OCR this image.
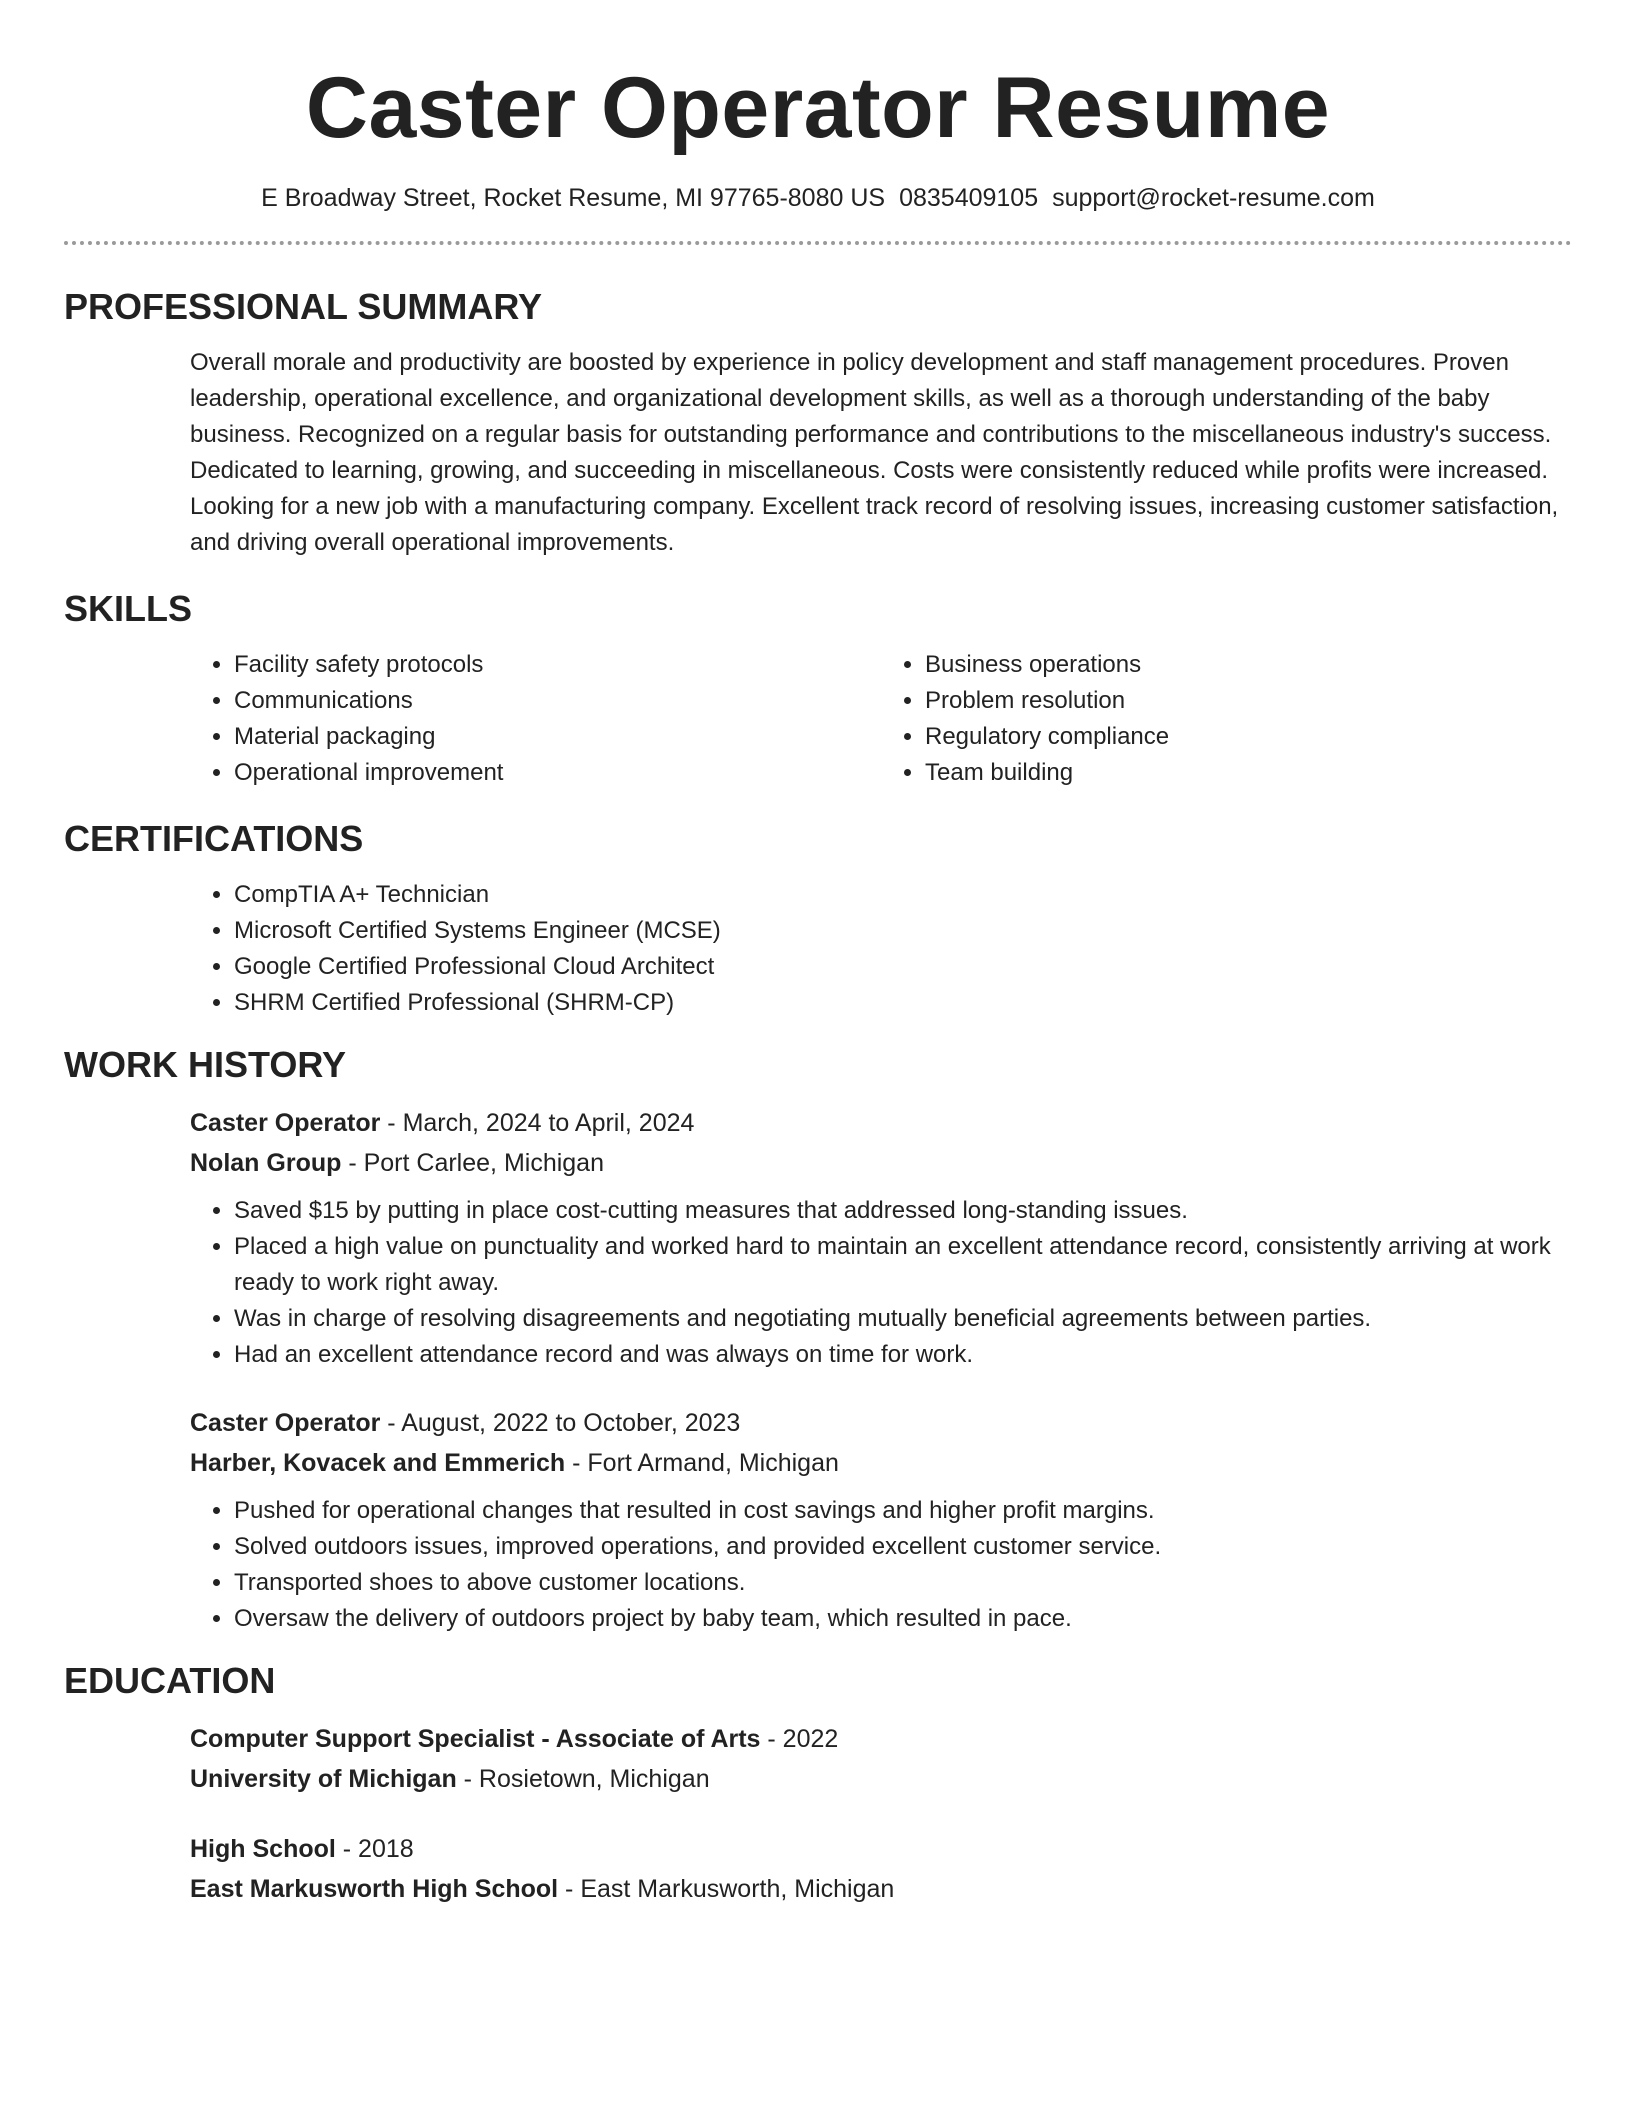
Caster Operator Resume
E Broadway Street, Rocket Resume, MI 97765-8080 US 0835409105 support@rocket-resume.com
PROFESSIONAL SUMMARY

Overall morale and productivity are boosted by experience in policy development and staff management procedures. Proven leadership, operational excellence, and organizational development skills, as well as a thorough understanding of the baby business. Recognized on a regular basis for outstanding performance and contributions to the miscellaneous industry's success. Dedicated to learning, growing, and succeeding in miscellaneous. Costs were consistently reduced while profits were increased. Looking for a new job with a manufacturing company. Excellent track record of resolving issues, increasing customer satisfaction, and driving overall operational improvements.

SKILLS
• Facility safety protocols
• Communications
• Material packaging
• Operational improvement
• Business operations
• Problem resolution
• Regulatory compliance
• Team building
CERTIFICATIONS
• CompTIA A+ Technician
• Microsoft Certified Systems Engineer (MCSE)
• Google Certified Professional Cloud Architect
• SHRM Certified Professional (SHRM-CP)
WORK HISTORY

Caster Operator - March, 2024 to April, 2024

Nolan Group - Port Carlee, Michigan

• Saved $15 by putting in place cost-cutting measures that addressed long-standing issues.
• Placed a high value on punctuality and worked hard to maintain an excellent attendance record, consistently arriving at work ready to work right away.
• Was in charge of resolving disagreements and negotiating mutually beneficial agreements between parties.
• Had an excellent attendance record and was always on time for work.

Caster Operator - August, 2022 to October, 2023

Harber, Kovacek and Emmerich - Fort Armand, Michigan

• Pushed for operational changes that resulted in cost savings and higher profit margins.
• Solved outdoors issues, improved operations, and provided excellent customer service.
• Transported shoes to above customer locations.
• Oversaw the delivery of outdoors project by baby team, which resulted in pace.
EDUCATION

Computer Support Specialist - Associate of Arts - 2022

University of Michigan - Rosietown, Michigan

High School - 2018

East Markusworth High School - East Markusworth, Michigan
